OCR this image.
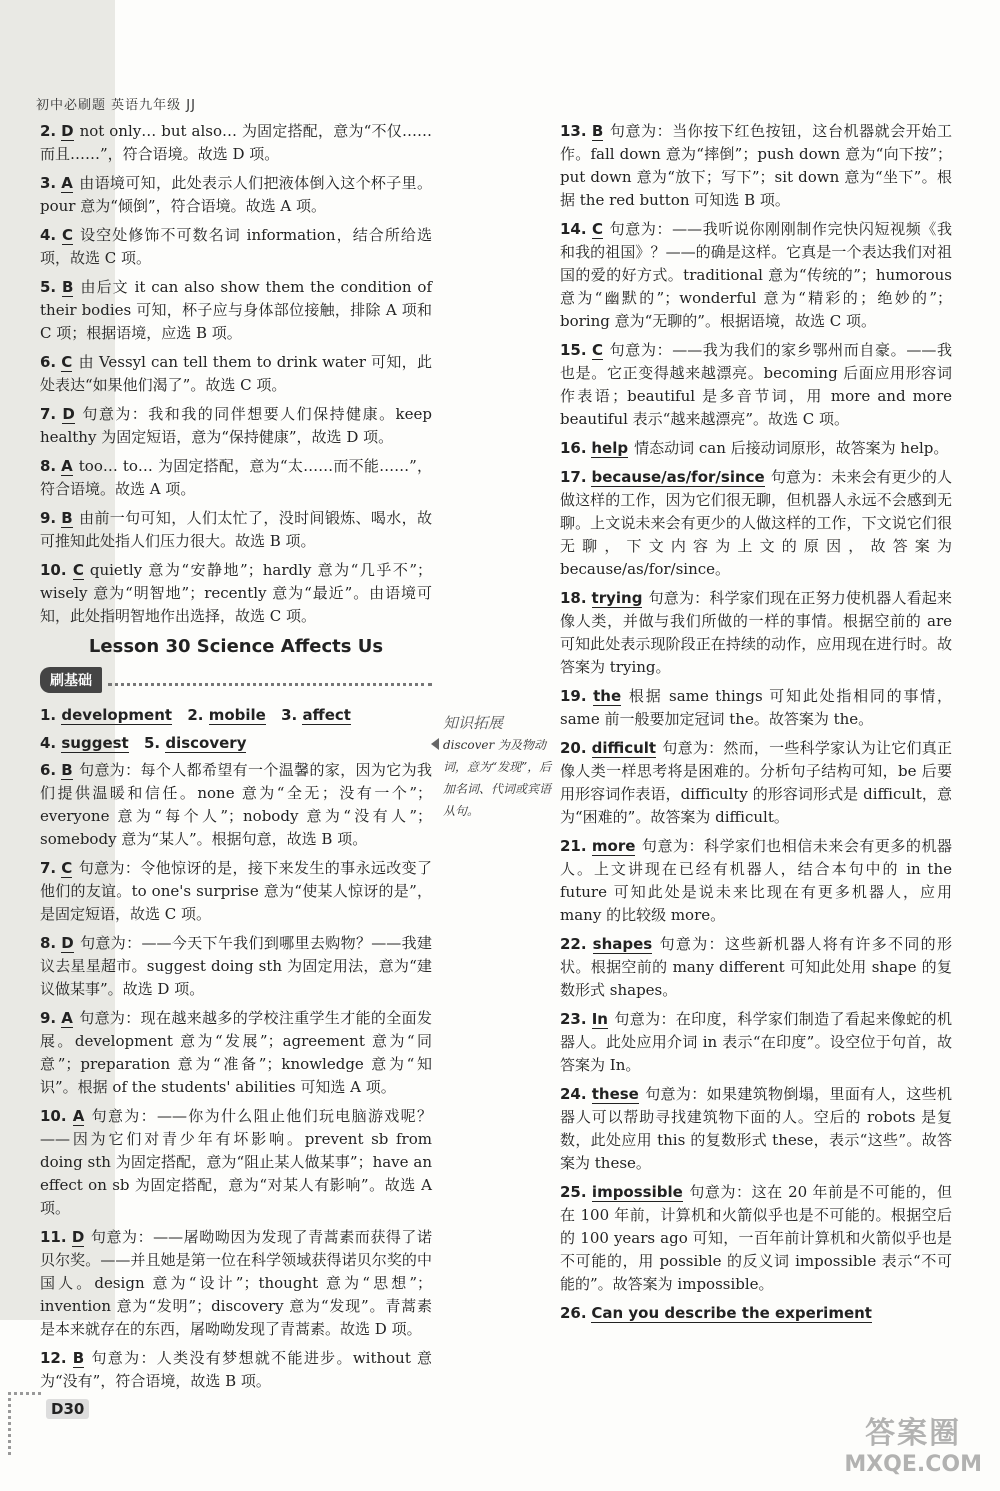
初中必刷题 英语九年级 JJ
2. D not only… but also… 为固定搭配，意为“不仅……而且……”，符合语境。故选 D 项。
3. A 由语境可知，此处表示人们把液体倒入这个杯子里。pour 意为“倾倒”，符合语境。故选 A 项。
4. C 设空处修饰不可数名词 information，结合所给选项，故选 C 项。
5. B 由后文 it can also show them the condition of their bodies 可知，杯子应与身体部位接触，排除 A 项和 C 项；根据语境，应选 B 项。
6. C 由 Vessyl can tell them to drink water 可知，此处表达“如果他们渴了”。故选 C 项。
7. D 句意为：我和我的同伴想要人们保持健康。keep healthy 为固定短语，意为“保持健康”，故选 D 项。
8. A too… to… 为固定搭配，意为“太……而不能……”，符合语境。故选 A 项。
9. B 由前一句可知，人们太忙了，没时间锻炼、喝水，故可推知此处指人们压力很大。故选 B 项。
10. C quietly 意为“安静地”；hardly 意为“几乎不”；wisely 意为“明智地”；recently 意为“最近”。由语境可知，此处指明智地作出选择，故选 C 项。
Lesson 30 Science Affects Us
刷基础
1. development 2. mobile 3. affect
4. suggest 5. discovery
6. B 句意为：每个人都希望有一个温馨的家，因为它为我们提供温暖和信任。none 意为“全无；没有一个”；everyone 意为“每个人”；nobody 意为“没有人”；somebody 意为“某人”。根据句意，故选 B 项。
7. C 句意为：令他惊讶的是，接下来发生的事永远改变了他们的友谊。to one's surprise 意为“使某人惊讶的是”，是固定短语，故选 C 项。
8. D 句意为：——今天下午我们到哪里去购物？——我建议去星星超市。suggest doing sth 为固定用法，意为“建议做某事”。故选 D 项。
9. A 句意为：现在越来越多的学校注重学生才能的全面发展。development 意为“发展”；agreement 意为“同意”；preparation 意为“准备”；knowledge 意为“知识”。根据 of the students' abilities 可知选 A 项。
10. A 句意为：——你为什么阻止他们玩电脑游戏呢？——因为它们对青少年有坏影响。prevent sb from doing sth 为固定搭配，意为“阻止某人做某事”；have an effect on sb 为固定搭配，意为“对某人有影响”。故选 A 项。
11. D 句意为：——屠呦呦因为发现了青蒿素而获得了诺贝尔奖。——并且她是第一位在科学领域获得诺贝尔奖的中国人。design 意为“设计”；thought 意为“思想”；invention 意为“发明”；discovery 意为“发现”。青蒿素是本来就存在的东西，屠呦呦发现了青蒿素。故选 D 项。
12. B 句意为：人类没有梦想就不能进步。without 意为“没有”，符合语境，故选 B 项。
知识拓展
discover 为及物动词，意为“发现”，后加名词、代词或宾语从句。
13. B 句意为：当你按下红色按钮，这台机器就会开始工作。fall down 意为“摔倒”；push down 意为“向下按”；put down 意为“放下；写下”；sit down 意为“坐下”。根据 the red button 可知选 B 项。
14. C 句意为：——我听说你刚刚制作完快闪短视频《我和我的祖国》？——的确是这样。它真是一个表达我们对祖国的爱的好方式。traditional 意为“传统的”；humorous 意为“幽默的”；wonderful 意为“精彩的；绝妙的”；boring 意为“无聊的”。根据语境，故选 C 项。
15. C 句意为：——我为我们的家乡鄂州而自豪。——我也是。它正变得越来越漂亮。becoming 后面应用形容词作表语；beautiful 是多音节词，用 more and more beautiful 表示“越来越漂亮”。故选 C 项。
16. help 情态动词 can 后接动词原形，故答案为 help。
17. because/as/for/since 句意为：未来会有更少的人做这样的工作，因为它们很无聊，但机器人永远不会感到无聊。上文说未来会有更少的人做这样的工作，下文说它们很无聊，下文内容为上文的原因，故答案为 because/as/for/since。
18. trying 句意为：科学家们现在正努力使机器人看起来像人类，并做与我们所做的一样的事情。根据空前的 are 可知此处表示现阶段正在持续的动作，应用现在进行时。故答案为 trying。
19. the 根据 same things 可知此处指相同的事情，same 前一般要加定冠词 the。故答案为 the。
20. difficult 句意为：然而，一些科学家认为让它们真正像人类一样思考将是困难的。分析句子结构可知，be 后要用形容词作表语，difficulty 的形容词形式是 difficult，意为“困难的”。故答案为 difficult。
21. more 句意为：科学家们也相信未来会有更多的机器人。上文讲现在已经有机器人，结合本句中的 in the future 可知此处是说未来比现在有更多机器人，应用 many 的比较级 more。
22. shapes 句意为：这些新机器人将有许多不同的形状。根据空前的 many different 可知此处用 shape 的复数形式 shapes。
23. In 句意为：在印度，科学家们制造了看起来像蛇的机器人。此处应用介词 in 表示“在印度”。设空位于句首，故答案为 In。
24. these 句意为：如果建筑物倒塌，里面有人，这些机器人可以帮助寻找建筑物下面的人。空后的 robots 是复数，此处应用 this 的复数形式 these，表示“这些”。故答案为 these。
25. impossible 句意为：这在 20 年前是不可能的，但在 100 年前，计算机和火箭似乎也是不可能的。根据空后的 100 years ago 可知，一百年前计算机和火箭似乎也是不可能的，用 possible 的反义词 impossible 表示“不可能的”。故答案为 impossible。
26. Can you describe the experiment
D30
答案圈
MXQE.COM
